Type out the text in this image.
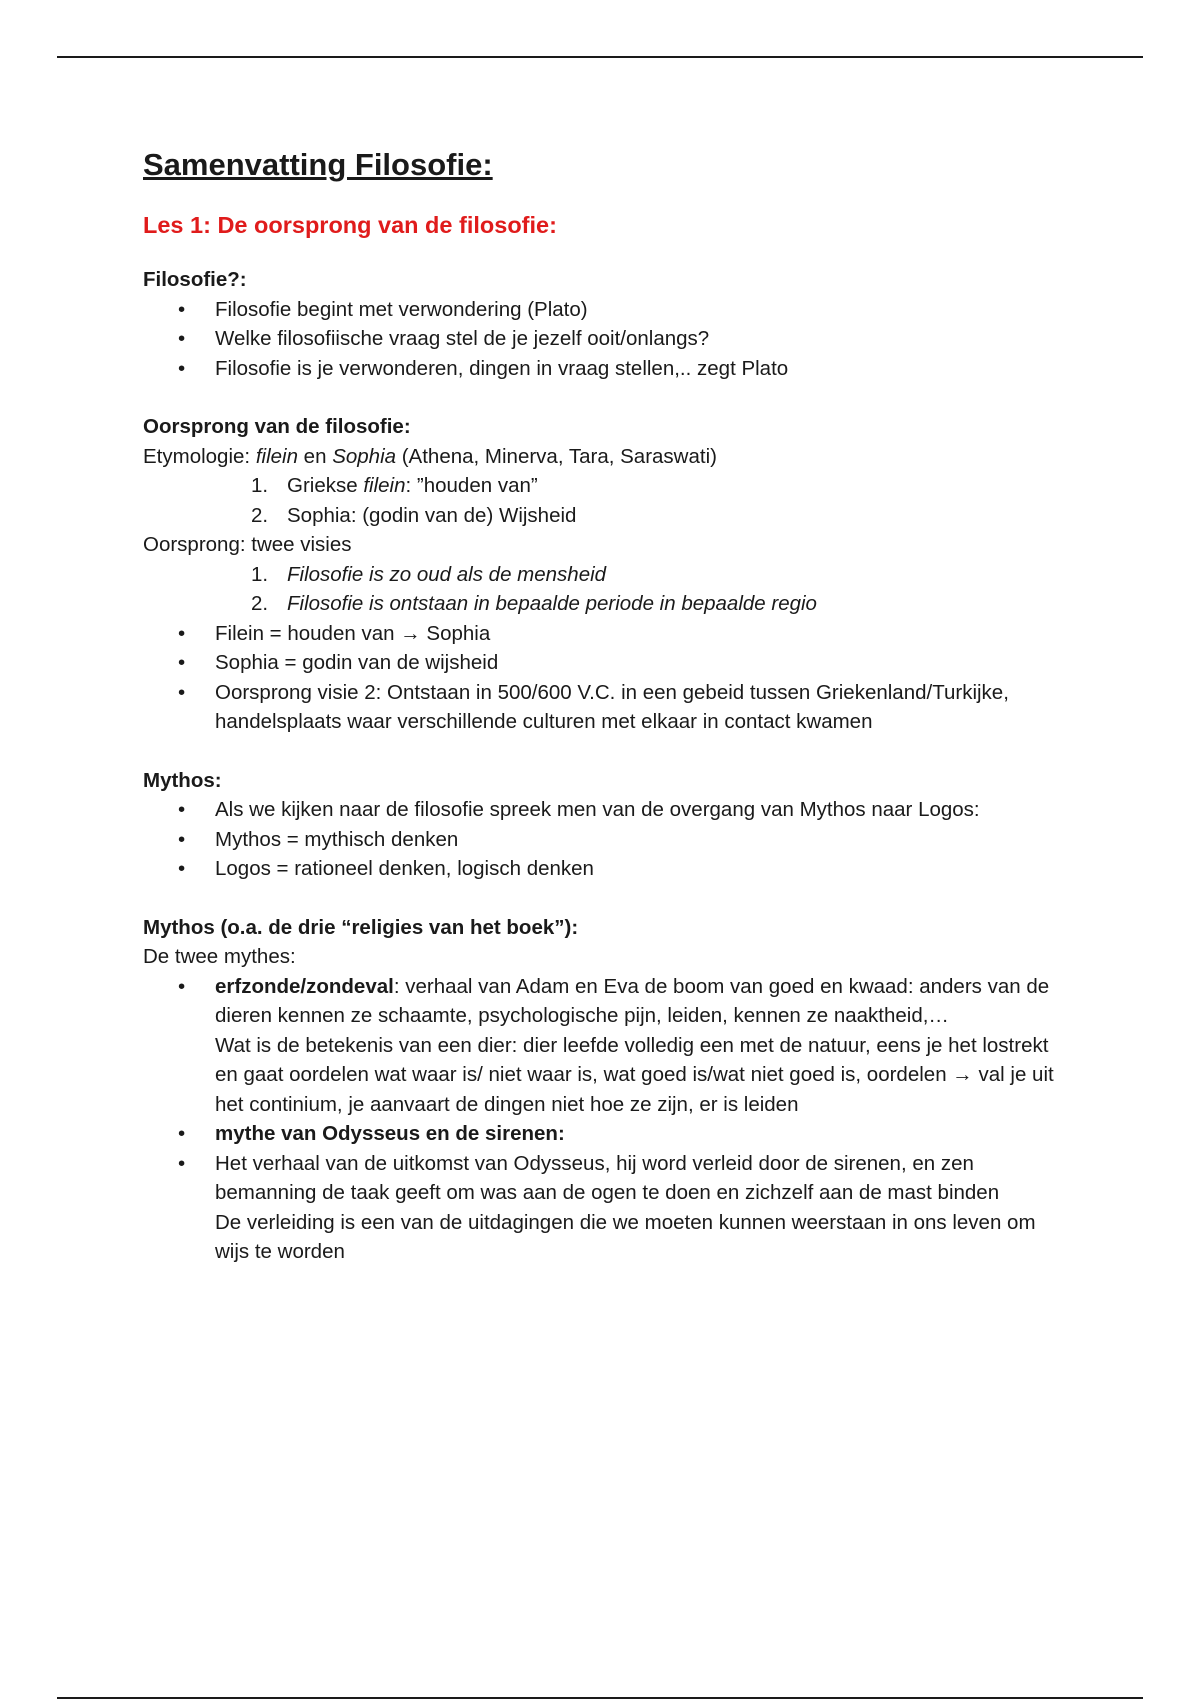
Samenvatting Filosofie:
Les 1: De oorsprong van de filosofie:
Filosofie?:
• Filosofie begint met verwondering (Plato)
• Welke filosofiische vraag stel de je jezelf ooit/onlangs?
• Filosofie is je verwonderen, dingen in vraag stellen,.. zegt Plato
Oorsprong van de filosofie:
Etymologie: filein en Sophia (Athena, Minerva, Tara, Saraswati)
1. Griekse filein: ”houden van”
2. Sophia: (godin van de) Wijsheid
Oorsprong: twee visies
1. Filosofie is zo oud als de mensheid
2. Filosofie is ontstaan in bepaalde periode in bepaalde regio
• Filein = houden van → Sophia
• Sophia = godin van de wijsheid
• Oorsprong visie 2: Ontstaan in 500/600 V.C. in een gebeid tussen Griekenland/Turkijke, handelsplaats waar verschillende culturen met elkaar in contact kwamen
Mythos:
• Als we kijken naar de filosofie spreek men van de overgang van Mythos naar Logos:
• Mythos = mythisch denken
• Logos = rationeel denken, logisch denken
Mythos (o.a. de drie “religies van het boek”):
De twee mythes:
• erfzonde/zondeval: verhaal van Adam en Eva de boom van goed en kwaad: anders van de dieren kennen ze schaamte, psychologische pijn, leiden, kennen ze naaktheid,…
Wat is de betekenis van een dier: dier leefde volledig een met de natuur, eens je het lostrekt en gaat oordelen wat waar is/ niet waar is, wat goed is/wat niet goed is, oordelen → val je uit het continium, je aanvaart de dingen niet hoe ze zijn, er is leiden
• mythe van Odysseus en de sirenen:
• Het verhaal van de uitkomst van Odysseus, hij word verleid door de sirenen, en zen bemanning de taak geeft om was aan de ogen te doen en zichzelf aan de mast binden
De verleiding is een van de uitdagingen die we moeten kunnen weerstaan in ons leven om wijs te worden
